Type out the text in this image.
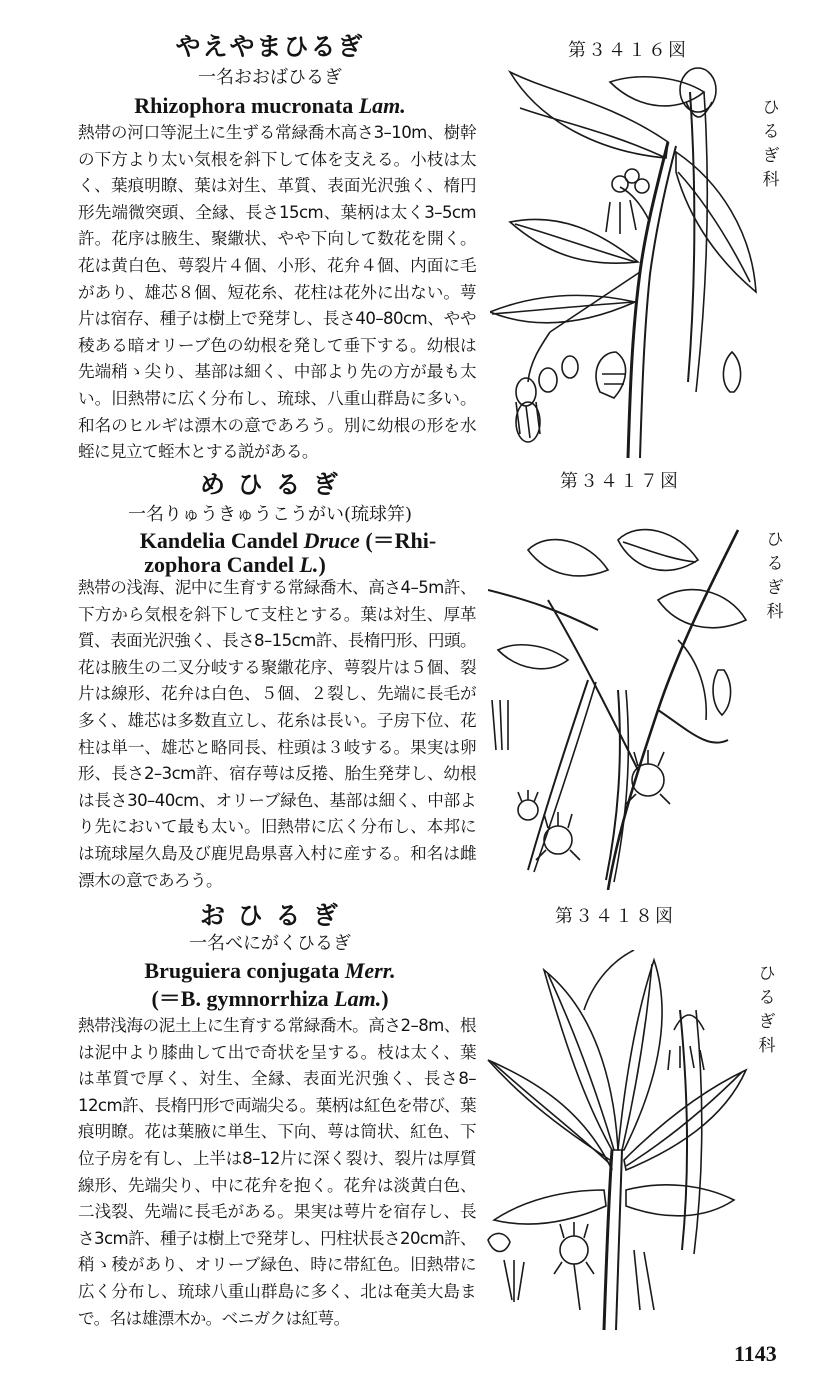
やえやまひるぎ

一名おおばひるぎ

Rhizophora mucronata Lam.

熱帯の河口等泥土に生ずる常緑喬木高さ3–10m、樹幹の下方より太い気根を斜下して体を支える。小枝は太く、葉痕明瞭、葉は対生、革質、表面光沢強く、楕円形先端微突頭、全縁、長さ15cm、葉柄は太く3–5cm許。花序は腋生、聚繖状、やや下向して数花を開く。花は黄白色、萼裂片４個、小形、花弁４個、内面に毛があり、雄芯８個、短花糸、花柱は花外に出ない。萼片は宿存、種子は樹上で発芽し、長さ40–80cm、やや稜ある暗オリーブ色の幼根を発して垂下する。幼根は先端稍ゝ尖り、基部は細く、中部より先の方が最も太い。旧熱帯に広く分布し、琉球、八重山群島に多い。和名のヒルギは漂木の意であろう。別に幼根の形を水蛭に見立て蛭木とする説がある。

第３４１６図

ひるぎ科

め ひ る ぎ

一名りゅうきゅうこうがい(琉球笄)

Kandelia Candel Druce (＝Rhi-

zophora Candel L.)

熱帯の浅海、泥中に生育する常緑喬木、高さ4–5m許、下方から気根を斜下して支柱とする。葉は対生、厚革質、表面光沢強く、長さ8–15cm許、長楕円形、円頭。花は腋生の二叉分岐する聚繖花序、萼裂片は５個、裂片は線形、花弁は白色、５個、２裂し、先端に長毛が多く、雄芯は多数直立し、花糸は長い。子房下位、花柱は単一、雄芯と略同長、柱頭は３岐する。果実は卵形、長さ2–3cm許、宿存萼は反捲、胎生発芽し、幼根は長さ30–40cm、オリーブ緑色、基部は細く、中部より先において最も太い。旧熱帯に広く分布し、本邦には琉球屋久島及び鹿児島県喜入村に産する。和名は雌漂木の意であろう。

第３４１７図

ひるぎ科

お ひ る ぎ

一名べにがくひるぎ

Bruguiera conjugata Merr.

(＝B. gymnorrhiza Lam.)

熱帯浅海の泥土上に生育する常緑喬木。高さ2–8m、根は泥中より膝曲して出で奇状を呈する。枝は太く、葉は革質で厚く、対生、全縁、表面光沢強く、長さ8–12cm許、長楕円形で両端尖る。葉柄は紅色を帯び、葉痕明瞭。花は葉腋に単生、下向、萼は筒状、紅色、下位子房を有し、上半は8–12片に深く裂け、裂片は厚質線形、先端尖り、中に花弁を抱く。花弁は淡黄白色、二浅裂、先端に長毛がある。果実は萼片を宿存し、長さ3cm許、種子は樹上で発芽し、円柱状長さ20cm許、稍ゝ稜があり、オリーブ緑色、時に帯紅色。旧熱帯に広く分布し、琉球八重山群島に多く、北は奄美大島まで。名は雄漂木か。ベニガクは紅萼。

第３４１８図

ひるぎ科

1143
